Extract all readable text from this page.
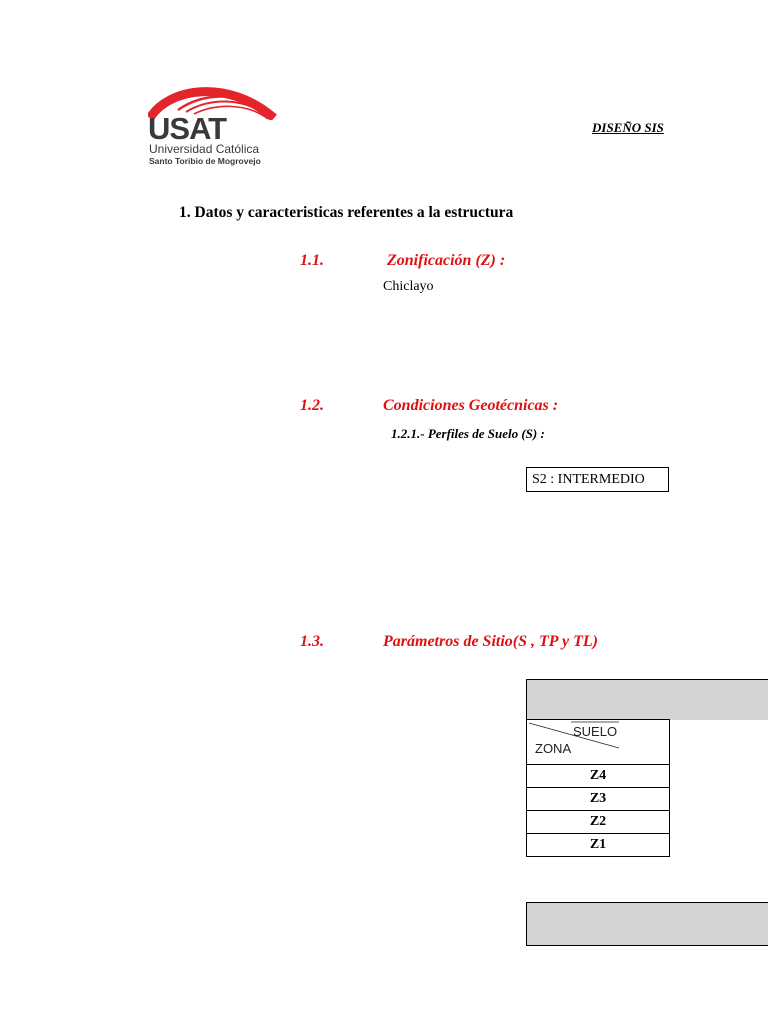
USAT
Universidad Católica
Santo Toribio de Mogrovejo
DISEÑO SIS
1. Datos y caracteristicas referentes a la estructura
1.1.	Zonificación (Z) :
Chiclayo
1.2.	Condiciones Geotécnicas :
1.2.1.- Perfiles de Suelo (S) :
S2 : INTERMEDIO
1.3.	Parámetros de Sitio(S , TP y TL)
SUELO
ZONA

Z4
Z3
Z2
Z1
